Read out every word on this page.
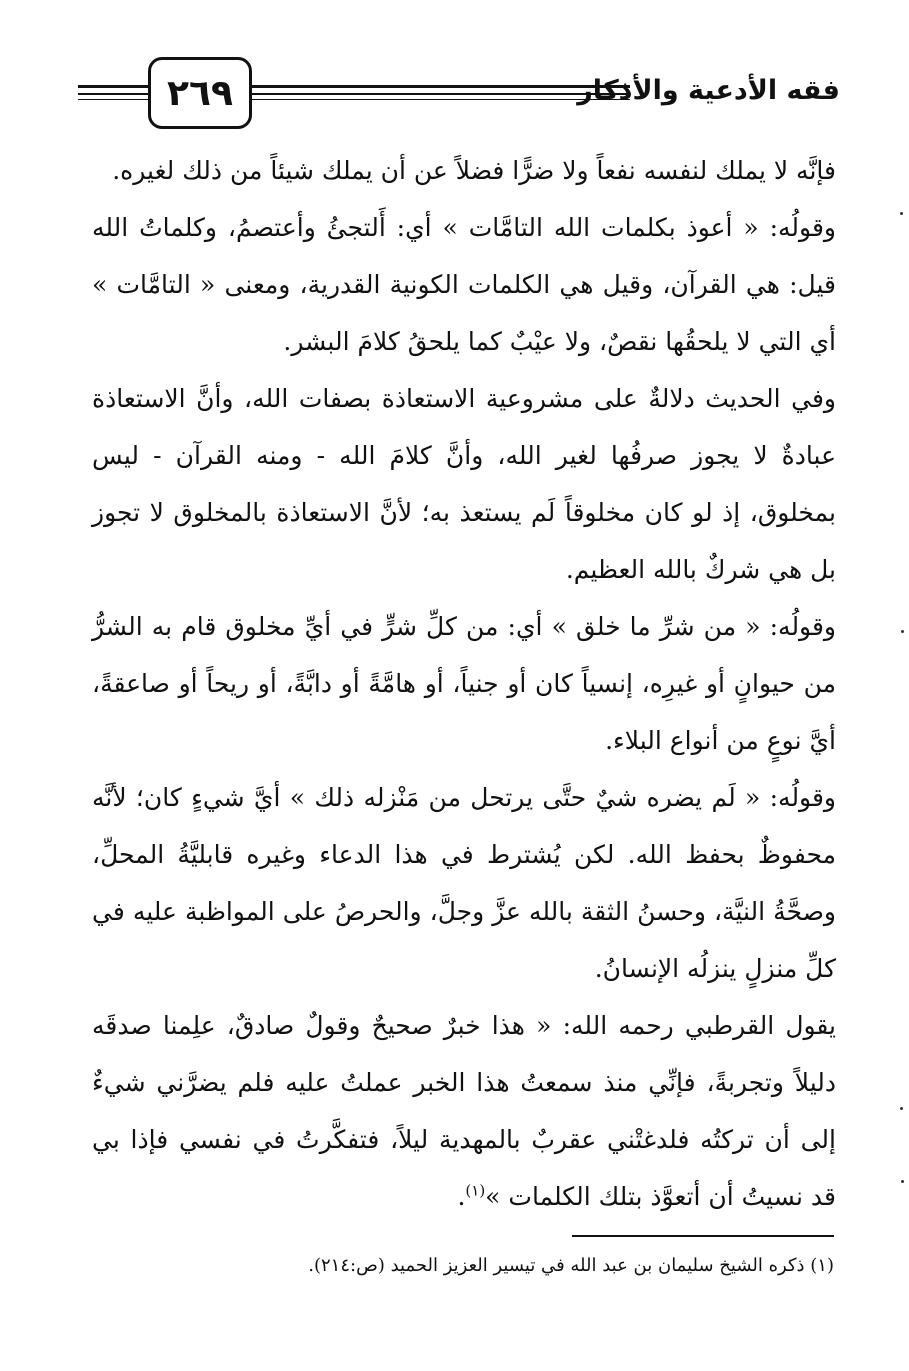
٢٦٩	فقه الأدعية والأذكار

فإنَّه لا يملك لنفسه نفعاً ولا ضرًّا فضلاً عن أن يملك شيئاً من ذلك لغيره.

وقولُه: « أعوذ بكلمات الله التامَّات » أي: أَلتجئُ وأعتصمُ، وكلماتُ الله قيل: هي القرآن، وقيل هي الكلمات الكونية القدرية، ومعنى « التامَّات » أي التي لا يلحقُها نقصٌ، ولا عيْبٌ كما يلحقُ كلامَ البشر.

وفي الحديث دلالةٌ على مشروعية الاستعاذة بصفات الله، وأنَّ الاستعاذة عبادةٌ لا يجوز صرفُها لغير الله، وأنَّ كلامَ الله - ومنه القرآن - ليس بمخلوق، إذ لو كان مخلوقاً لَم يستعذ به؛ لأنَّ الاستعاذة بالمخلوق لا تجوز بل هي شركٌ بالله العظيم.

وقولُه: « من شرِّ ما خلق » أي: من كلِّ شرٍّ في أيِّ مخلوق قام به الشرُّ من حيوانٍ أو غيرِه، إنسياً كان أو جنياً، أو هامَّةً أو دابَّةً، أو ريحاً أو صاعقةً، أيَّ نوعٍ من أنواع البلاء.

وقولُه: « لَم يضره شيٌ حتَّى يرتحل من مَنْزله ذلك » أيَّ شيءٍ كان؛ لأنَّه محفوظٌ بحفظ الله. لكن يُشترط في هذا الدعاء وغيره قابليَّةُ المحلِّ، وصحَّةُ النيَّة، وحسنُ الثقة بالله عزَّ وجلَّ، والحرصُ على المواظبة عليه في كلِّ منزلٍ ينزلُه الإنسانُ.

يقول القرطبي رحمه الله: « هذا خبرٌ صحيحٌ وقولٌ صادقٌ، علِمنا صدقَه دليلاً وتجربةً، فإنِّي منذ سمعتُ هذا الخبر عملتُ عليه فلم يضرَّني شيءٌ إلى أن تركتُه فلدغتْني عقربٌ بالمهدية ليلاً، فتفكَّرتُ في نفسي فإذا بي قد نسيتُ أن أتعوَّذ بتلك الكلمات »$^{(١)}$.

(١) ذكره الشيخ سليمان بن عبد الله في تيسير العزيز الحميد (ص:٢١٤).
